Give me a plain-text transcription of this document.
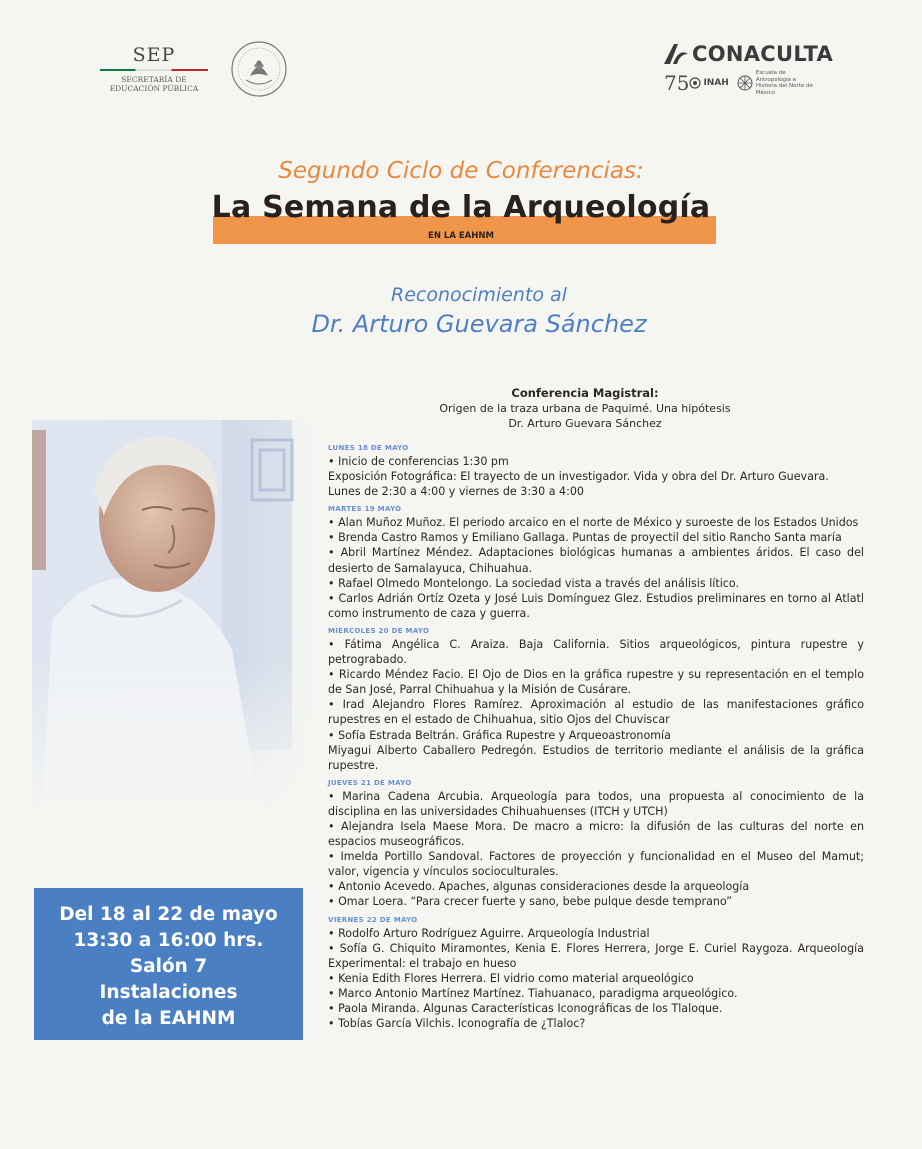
SEP
SECRETARÍA DE
EDUCACIÓN PÚBLICA
CONACULTA
75 INAH
Escuela de Antropología e Historia del Norte de México
Segundo Ciclo de Conferencias:
La Semana de la Arqueología
EN LA EAHNM
Reconocimiento al
Dr. Arturo Guevara Sánchez
Del 18 al 22 de mayo
13:30 a 16:00 hrs.
Salón 7
Instalaciones
de la EAHNM
Conferencia Magistral:
Origen de la traza urbana de Paquimé. Una hipótesis
Dr. Arturo Guevara Sánchez
LUNES 18 DE MAYO
• Inicio de conferencias 1:30 pm
Exposición Fotográfica: El trayecto de un investigador. Vida y obra del Dr. Arturo Guevara.
Lunes de 2:30 a 4:00 y viernes de 3:30 a 4:00
MARTES 19 MAYO
• Alan Muñoz Muñoz. El periodo arcaico en el norte de México y suroeste de los Estados Unidos
• Brenda Castro Ramos y Emiliano Gallaga. Puntas de proyectil del sitio Rancho Santa maría
• Abril Martínez Méndez. Adaptaciones biológicas humanas a ambientes áridos. El caso del desierto de Samalayuca, Chihuahua.
• Rafael Olmedo Montelongo. La sociedad vista a través del análisis lítico.
• Carlos Adrián Ortíz Ozeta y José Luis Domínguez Glez. Estudios preliminares en torno al Atlatl como instrumento de caza y guerra.
MIERCOLES 20 DE MAYO
• Fátima Angélica C. Araiza. Baja California. Sitios arqueológicos, pintura rupestre y petrograbado.
• Ricardo Méndez Facio. El Ojo de Dios en la gráfica rupestre y su representación en el templo de San José, Parral Chihuahua y la Misión de Cusárare.
• Irad Alejandro Flores Ramírez. Aproximación al estudio de las manifestaciones gráfico rupestres en el estado de Chihuahua, sitio Ojos del Chuviscar
• Sofía Estrada Beltrán. Gráfica Rupestre y Arqueoastronomía
Miyagui Alberto Caballero Pedregón. Estudios de territorio mediante el análisis de la gráfica rupestre.
JUEVES 21 DE MAYO
• Marina Cadena Arcubia. Arqueología para todos, una propuesta al conocimiento de la disciplina en las universidades Chihuahuenses (ITCH y UTCH)
• Alejandra Isela Maese Mora. De macro a micro: la difusión de las culturas del norte en espacios museográficos.
• Imelda Portillo Sandoval. Factores de proyección y funcionalidad en el Museo del Mamut; valor, vigencia y vínculos socioculturales.
• Antonio Acevedo. Apaches, algunas consideraciones desde la arqueología
• Omar Loera. “Para crecer fuerte y sano, bebe pulque desde temprano”
VIERNES 22 DE MAYO
• Rodolfo Arturo Rodríguez Aguirre. Arqueología Industrial
• Sofía G. Chiquito Miramontes, Kenia E. Flores Herrera, Jorge E. Curiel Raygoza. Arqueología Experimental: el trabajo en hueso
• Kenia Edith Flores Herrera. El vidrio como material arqueológico
• Marco Antonio Martínez Martínez. Tiahuanaco, paradigma arqueológico.
• Paola Miranda. Algunas Características Iconográficas de los Tlaloque.
• Tobías García Vilchis. Iconografía de ¿Tlaloc?
